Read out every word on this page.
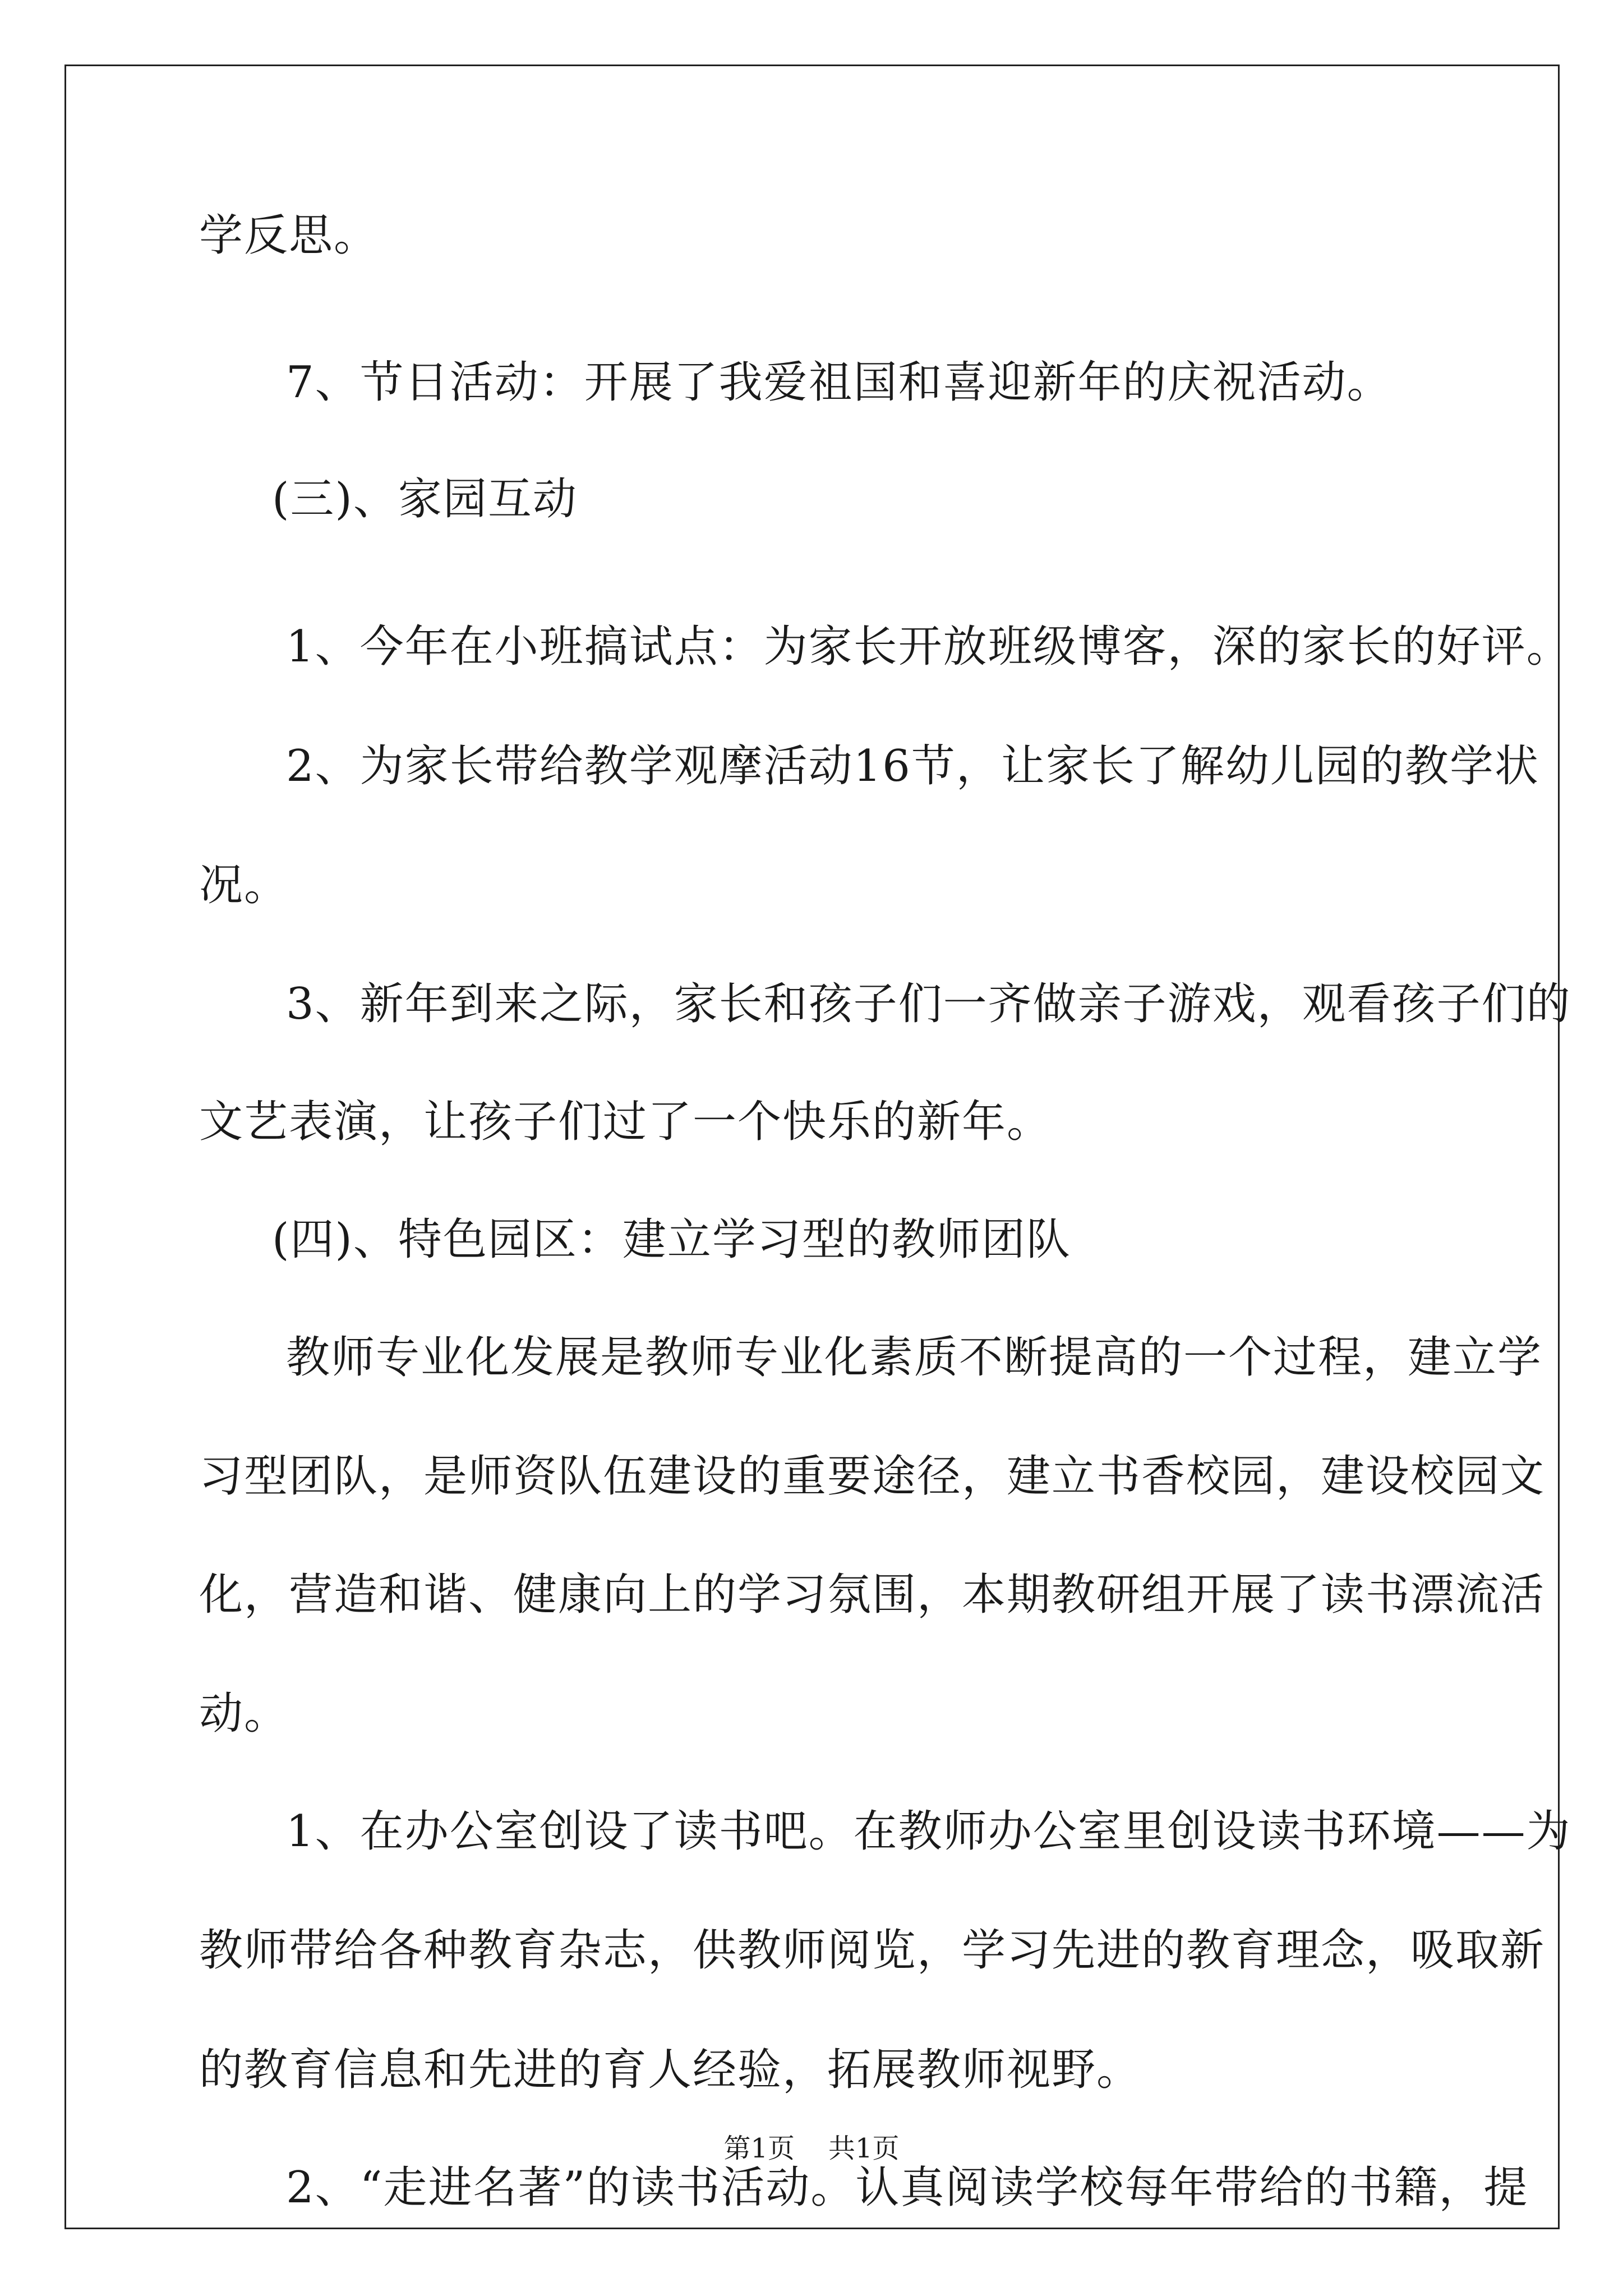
学反思。
7、节日活动：开展了我爱祖国和喜迎新年的庆祝活动。
(三)、家园互动
1、今年在小班搞试点：为家长开放班级博客，深的家长的好评。
2、为家长带给教学观摩活动16节，让家长了解幼儿园的教学状
况。
3、新年到来之际，家长和孩子们一齐做亲子游戏，观看孩子们的
文艺表演，让孩子们过了一个快乐的新年。
(四)、特色园区：建立学习型的教师团队
教师专业化发展是教师专业化素质不断提高的一个过程，建立学
习型团队，是师资队伍建设的重要途径，建立书香校园，建设校园文
化，营造和谐、健康向上的学习氛围，本期教研组开展了读书漂流活
动。
1、在办公室创设了读书吧。在教师办公室里创设读书环境——为
教师带给各种教育杂志，供教师阅览，学习先进的教育理念，吸取新
的教育信息和先进的育人经验，拓展教师视野。
2、“走进名著”的读书活动。认真阅读学校每年带给的书籍，提
第1页 共1页
